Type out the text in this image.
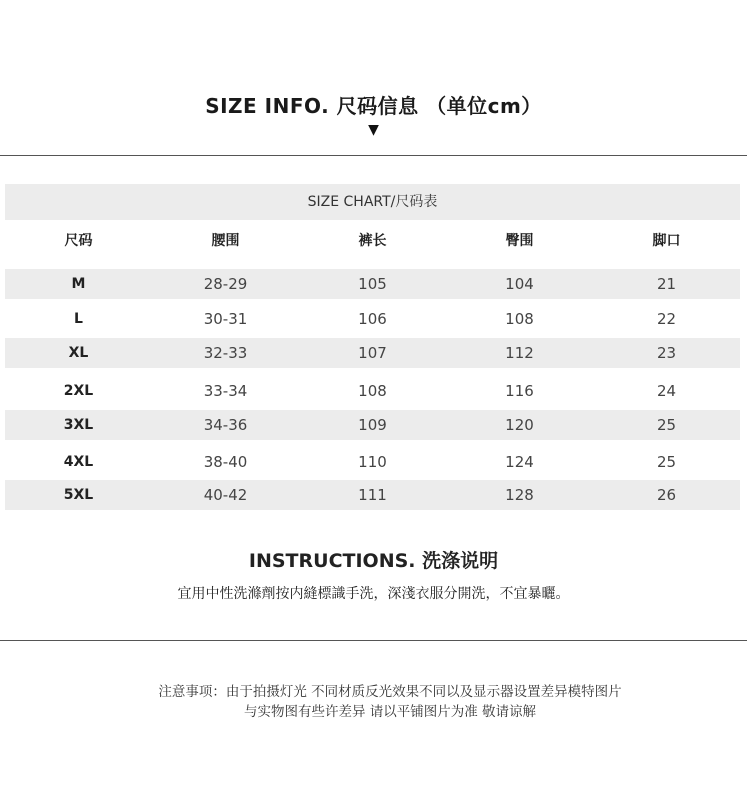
SIZE INFO. 尺码信息 （单位cm）
▼
SIZE CHART/尺码表
尺码	腰围	裤长	臀围	脚口
M	28-29	105	104	21
L	30-31	106	108	22
XL	32-33	107	112	23
2XL	33-34	108	116	24
3XL	34-36	109	120	25
4XL	38-40	110	124	25
5XL	40-42	111	128	26
INSTRUCTIONS. 洗涤说明
宜用中性洗滌劑按内縫標識手洗，深淺衣服分開洗，不宜暴曬。
注意事项：由于拍摄灯光 不同材质反光效果不同以及显示器设置差异模特图片
与实物图有些许差异 请以平铺图片为准 敬请谅解
